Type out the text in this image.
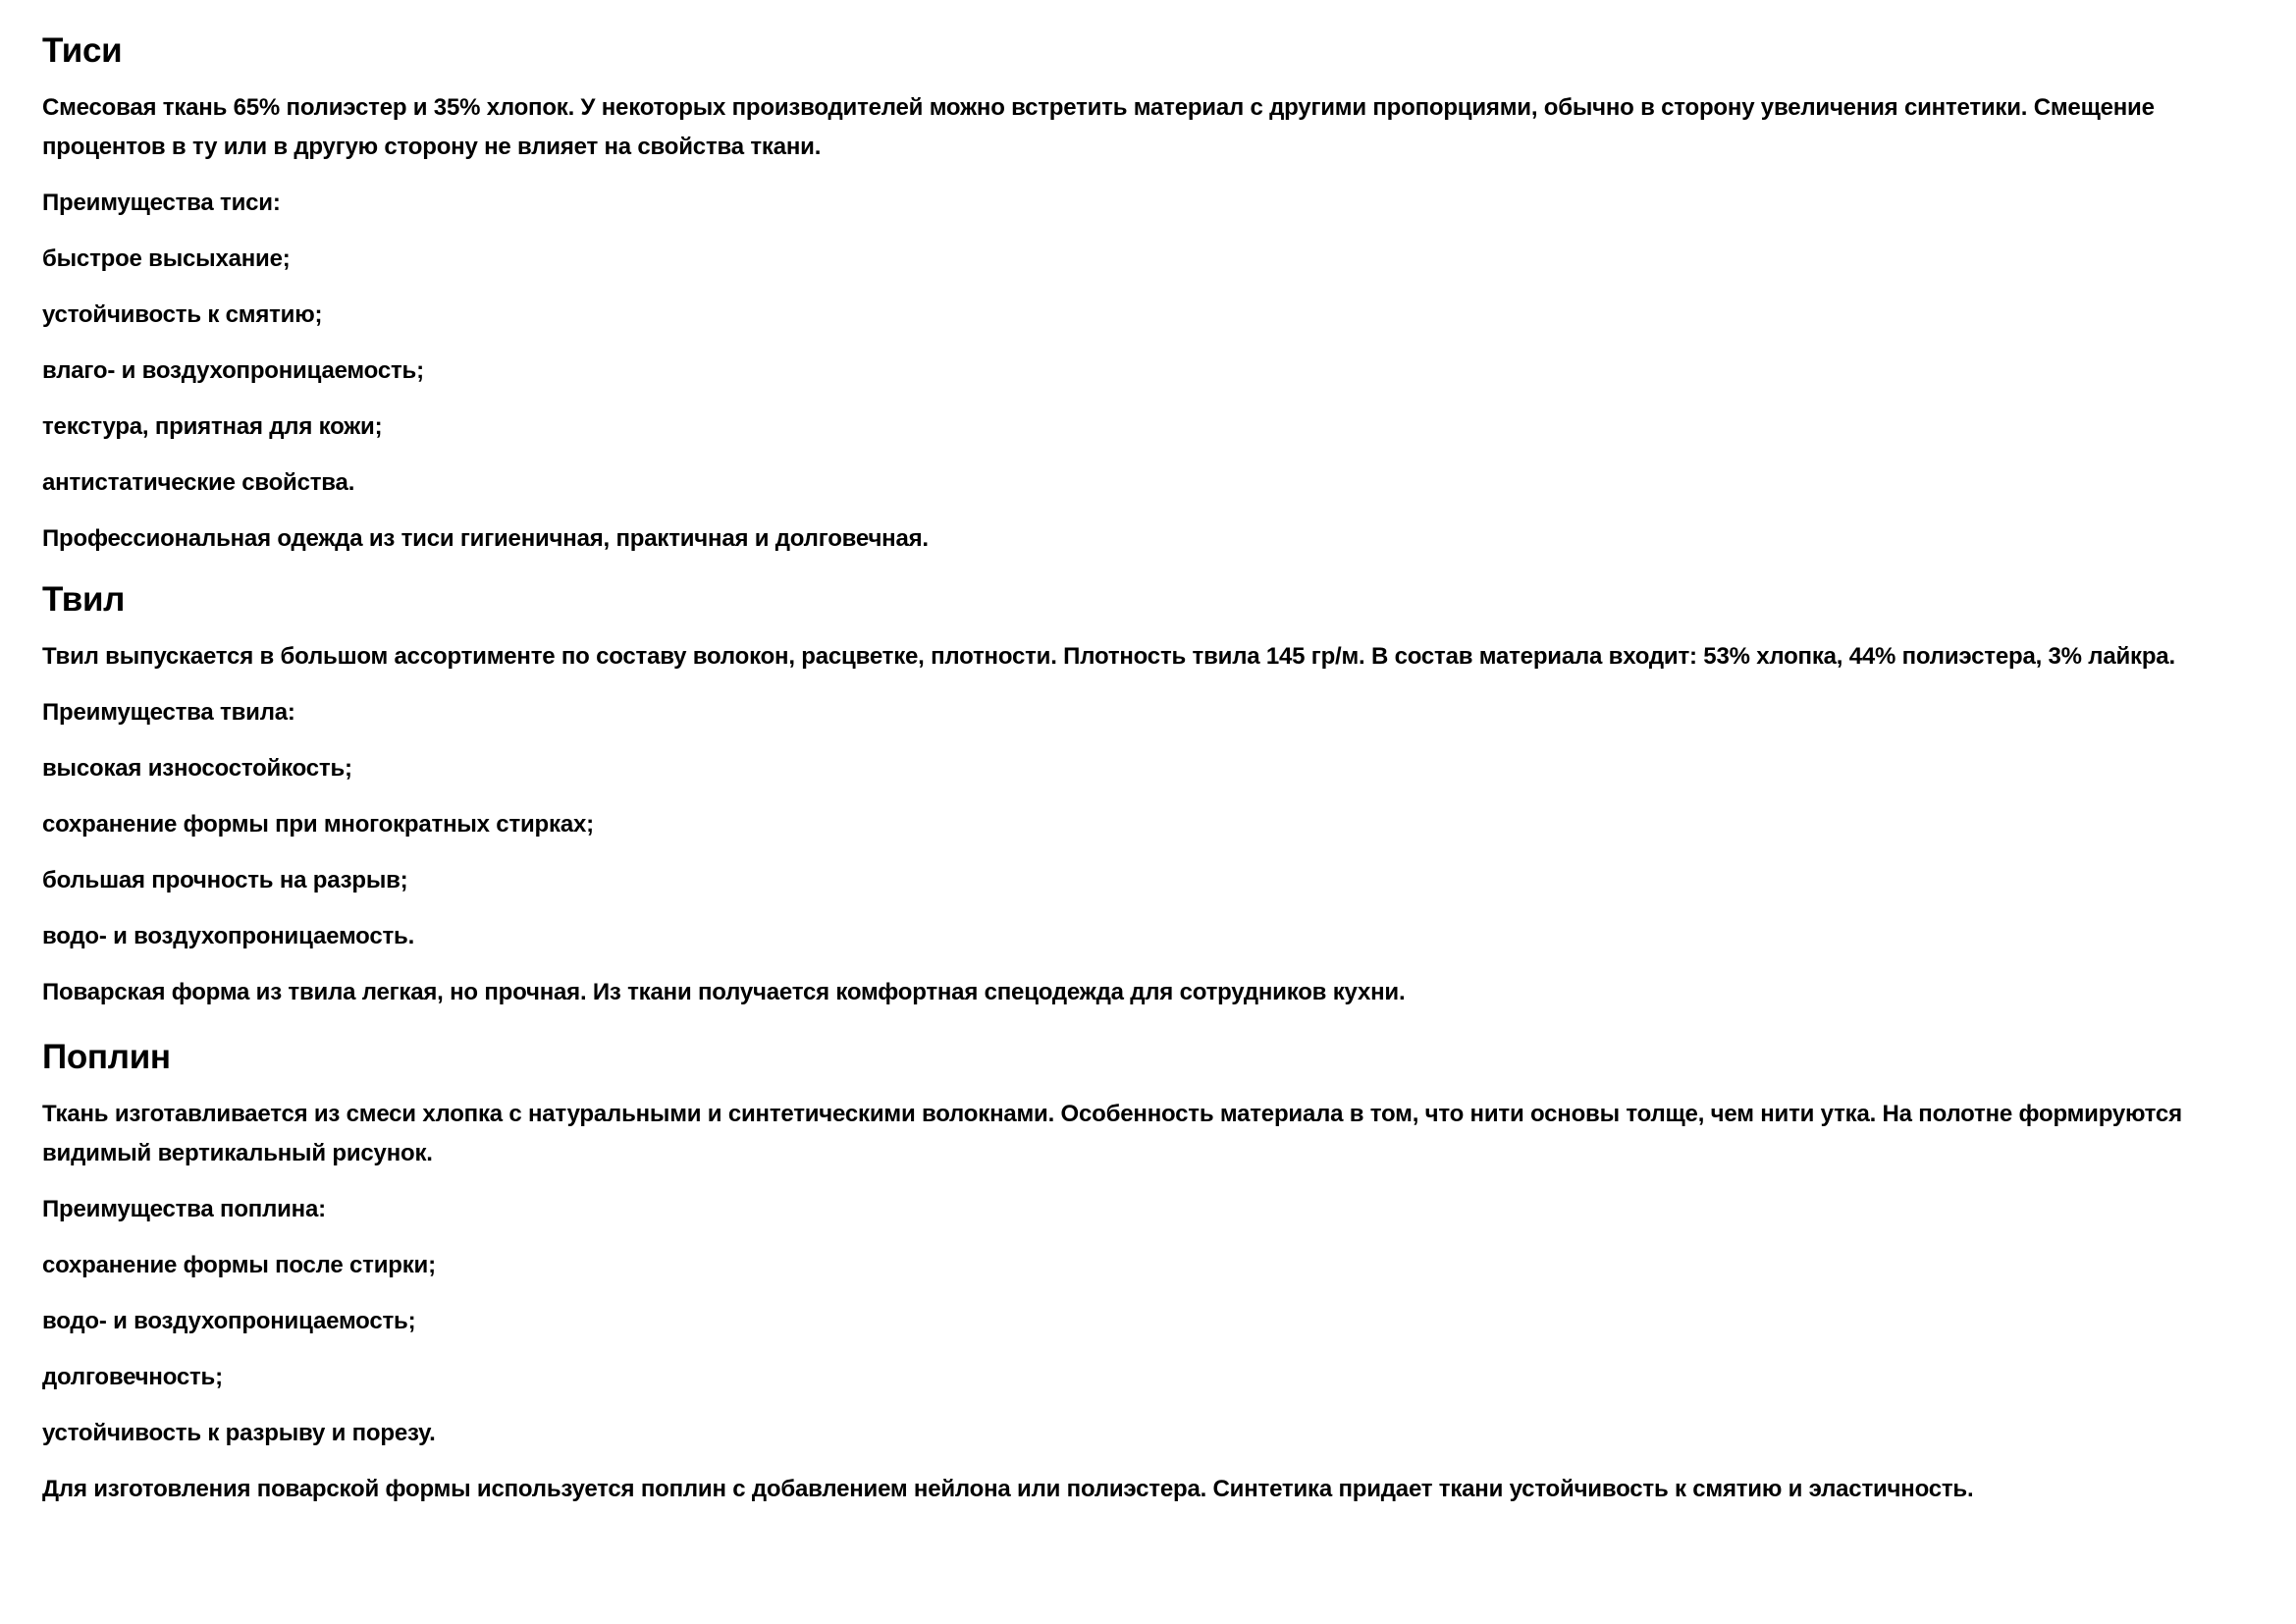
Тиси

Смесовая ткань 65% полиэстер и 35% хлопок. У некоторых производителей можно встретить материал с другими пропорциями, обычно в сторону увеличения синтетики. Смещение процентов в ту или в другую сторону не влияет на свойства ткани.

Преимущества тиси:

быстрое высыхание;

устойчивость к смятию;

влаго- и воздухопроницаемость;

текстура, приятная для кожи;

антистатические свойства.

Профессиональная одежда из тиси гигиеничная, практичная и долговечная.

Твил

Твил выпускается в большом ассортименте по составу волокон, расцветке, плотности. Плотность твила 145 гр/м. В состав материала входит: 53% хлопка, 44% полиэстера, 3% лайкра.

Преимущества твила:

высокая износостойкость;

сохранение формы при многократных стирках;

большая прочность на разрыв;

водо- и воздухопроницаемость.

Поварская форма из твила легкая, но прочная. Из ткани получается комфортная спецодежда для сотрудников кухни.

Поплин

Ткань изготавливается из смеси хлопка с натуральными и синтетическими волокнами. Особенность материала в том, что нити основы толще, чем нити утка. На полотне формируются видимый вертикальный рисунок.

Преимущества поплина:

сохранение формы после стирки;

водо- и воздухопроницаемость;

долговечность;

устойчивость к разрыву и порезу.

Для изготовления поварской формы используется поплин с добавлением нейлона или полиэстера. Синтетика придает ткани устойчивость к смятию и эластичность.
